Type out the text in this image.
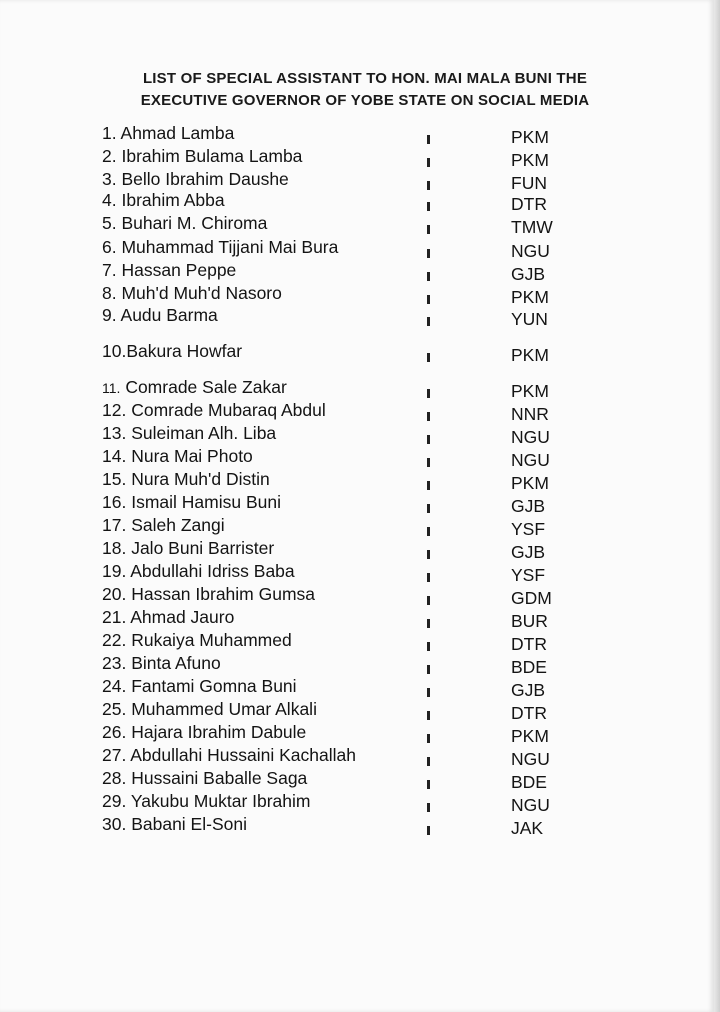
LIST OF SPECIAL ASSISTANT TO HON. MAI MALA BUNI THE
EXECUTIVE GOVERNOR OF YOBE STATE ON SOCIAL MEDIA
1. Ahmad Lamba	PKM
2. Ibrahim Bulama Lamba	PKM
3. Bello Ibrahim Daushe	FUN
4. Ibrahim Abba	DTR
5. Buhari M. Chiroma	TMW
6. Muhammad Tijjani Mai Bura	NGU
7. Hassan Peppe	GJB
8. Muh'd Muh'd Nasoro	PKM
9. Audu Barma	YUN
10.Bakura Howfar	PKM
11. Comrade Sale Zakar	PKM
12. Comrade Mubaraq Abdul	NNR
13. Suleiman Alh. Liba	NGU
14. Nura Mai Photo	NGU
15. Nura Muh'd Distin	PKM
16. Ismail Hamisu Buni	GJB
17. Saleh Zangi	YSF
18. Jalo Buni Barrister	GJB
19. Abdullahi Idriss Baba	YSF
20. Hassan Ibrahim Gumsa	GDM
21. Ahmad Jauro	BUR
22. Rukaiya Muhammed	DTR
23. Binta Afuno	BDE
24. Fantami Gomna Buni	GJB
25. Muhammed Umar Alkali	DTR
26. Hajara Ibrahim Dabule	PKM
27. Abdullahi Hussaini Kachallah	NGU
28. Hussaini Baballe Saga	BDE
29. Yakubu Muktar Ibrahim	NGU
30. Babani El-Soni	JAK
